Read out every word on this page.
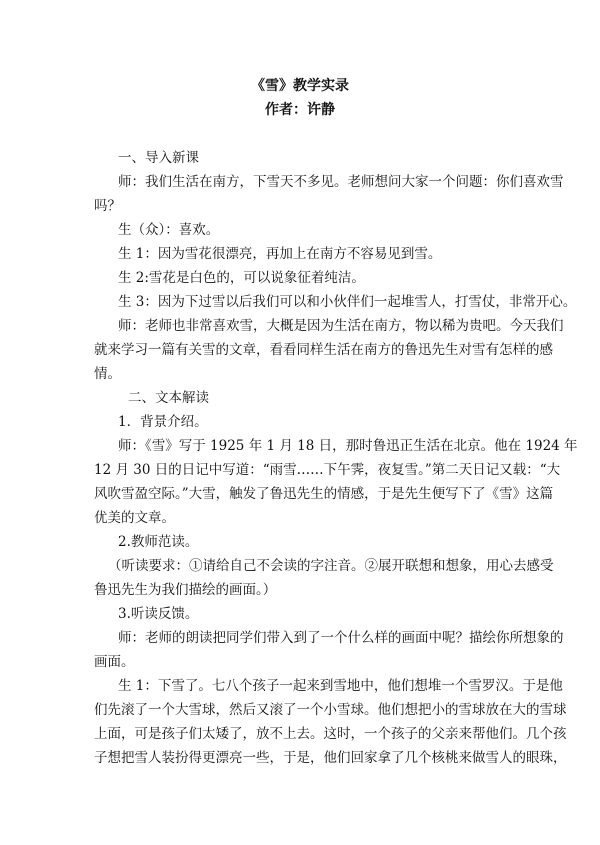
《雪》教学实录
作者：许静
一、导入新课
师：我们生活在南方，下雪天不多见。老师想问大家一个问题：你们喜欢雪
吗？
生（众）：喜欢。
生 1：因为雪花很漂亮，再加上在南方不容易见到雪。
生 2:雪花是白色的，可以说象征着纯洁。
生 3：因为下过雪以后我们可以和小伙伴们一起堆雪人，打雪仗，非常开心。
师：老师也非常喜欢雪，大概是因为生活在南方，物以稀为贵吧。今天我们
就来学习一篇有关雪的文章，看看同样生活在南方的鲁迅先生对雪有怎样的感
情。
二、文本解读
1．背景介绍。
师：《雪》写于 1925 年 1 月 18 日，那时鲁迅正生活在北京。他在 1924 年
12 月 30 日的日记中写道：“雨雪……下午霁，夜复雪。”第二天日记又载：“大
风吹雪盈空际。”大雪，触发了鲁迅先生的情感，于是先生便写下了《雪》这篇
优美的文章。
2.教师范读。
（听读要求：①请给自己不会读的字注音。②展开联想和想象，用心去感受
鲁迅先生为我们描绘的画面。）
3.听读反馈。
师：老师的朗读把同学们带入到了一个什么样的画面中呢？描绘你所想象的
画面。
生 1：下雪了。七八个孩子一起来到雪地中，他们想堆一个雪罗汉。于是他
们先滚了一个大雪球，然后又滚了一个小雪球。他们想把小的雪球放在大的雪球
上面，可是孩子们太矮了，放不上去。这时，一个孩子的父亲来帮他们。几个孩
子想把雪人装扮得更漂亮一些，于是，他们回家拿了几个核桃来做雪人的眼珠，
